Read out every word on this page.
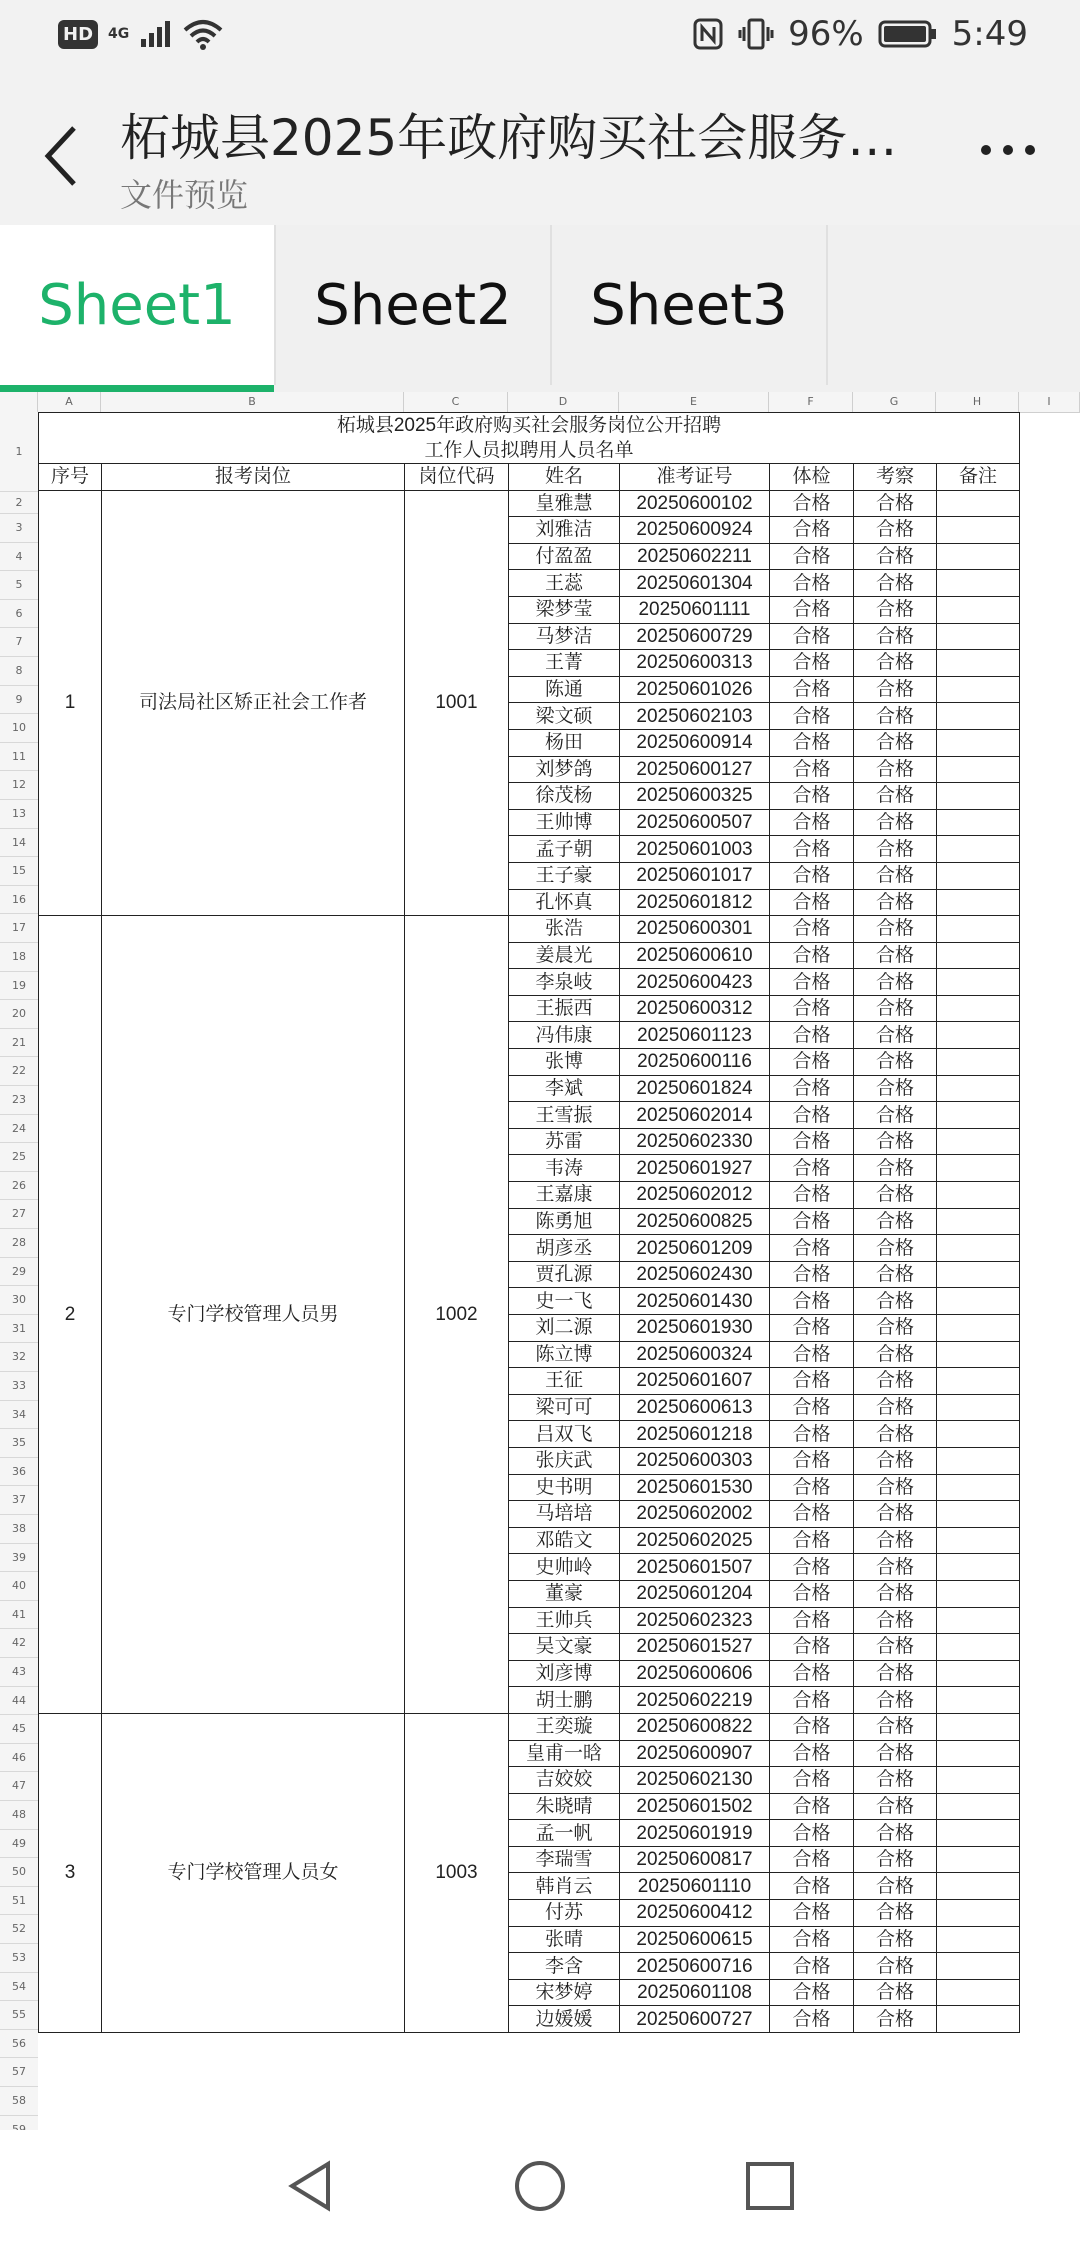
HD	4G	96%	5:49
柘城县2025年政府购买社会服务…
文件预览
Sheet1	Sheet2	Sheet3
A	B	C	D	E	F	G	H	I
1
2
3
4
5
6
7
8
9
10
11
12
13
14
15
16
17
18
19
20
21
22
23
24
25
26
27
28
29
30
31
32
33
34
35
36
37
38
39
40
41
42
43
44
45
46
47
48
49
50
51
52
53
54
55
56
57
58
柘城县2025年政府购买社会服务岗位公开招聘
工作人员拟聘用人员名单							

序号	报考岗位	岗位代码	姓名	准考证号	体检	考察	备注
1	司法局社区矫正社会工作者	1001	皇雅慧	20250600102	合格	合格	
			刘雅洁	20250600924	合格	合格	
			付盈盈	20250602211	合格	合格	
			王蕊	20250601304	合格	合格	
			梁梦莹	20250601111	合格	合格	
			马梦洁	20250600729	合格	合格	
			王菁	20250600313	合格	合格	
			陈通	20250601026	合格	合格	
			梁文硕	20250602103	合格	合格	
			杨田	20250600914	合格	合格	
			刘梦鸽	20250600127	合格	合格	
			徐茂杨	20250600325	合格	合格	
			王帅博	20250600507	合格	合格	
			孟子朝	20250601003	合格	合格	
			王子豪	20250601017	合格	合格	
			孔怀真	20250601812	合格	合格	
2	专门学校管理人员男	1002	张浩	20250600301	合格	合格	
			姜晨光	20250600610	合格	合格	
			李泉岐	20250600423	合格	合格	
			王振西	20250600312	合格	合格	
			冯伟康	20250601123	合格	合格	
			张博	20250600116	合格	合格	
			李斌	20250601824	合格	合格	
			王雪振	20250602014	合格	合格	
			苏雷	20250602330	合格	合格	
			韦涛	20250601927	合格	合格	
			王嘉康	20250602012	合格	合格	
			陈勇旭	20250600825	合格	合格	
			胡彦丞	20250601209	合格	合格	
			贾孔源	20250602430	合格	合格	
			史一飞	20250601430	合格	合格	
			刘二源	20250601930	合格	合格	
			陈立博	20250600324	合格	合格	
			王征	20250601607	合格	合格	
			梁可可	20250600613	合格	合格	
			吕双飞	20250601218	合格	合格	
			张庆武	20250600303	合格	合格	
			史书明	20250601530	合格	合格	
			马培培	20250602002	合格	合格	
			邓皓文	20250602025	合格	合格	
			史帅岭	20250601507	合格	合格	
			董豪	20250601204	合格	合格	
			王帅兵	20250602323	合格	合格	
			吴文豪	20250601527	合格	合格	
			刘彦博	20250600606	合格	合格	
			胡士鹏	20250602219	合格	合格	
3	专门学校管理人员女	1003	王奕璇	20250600822	合格	合格	
			皇甫一晗	20250600907	合格	合格	
			吉姣姣	20250602130	合格	合格	
			朱晓晴	20250601502	合格	合格	
			孟一帆	20250601919	合格	合格	
			李瑞雪	20250600817	合格	合格	
			韩肖云	20250601110	合格	合格	
			付苏	20250600412	合格	合格	
			张晴	20250600615	合格	合格	
			李含	20250600716	合格	合格	
			宋梦婷	20250601108	合格	合格	
			边媛媛	20250600727	合格	合格	
